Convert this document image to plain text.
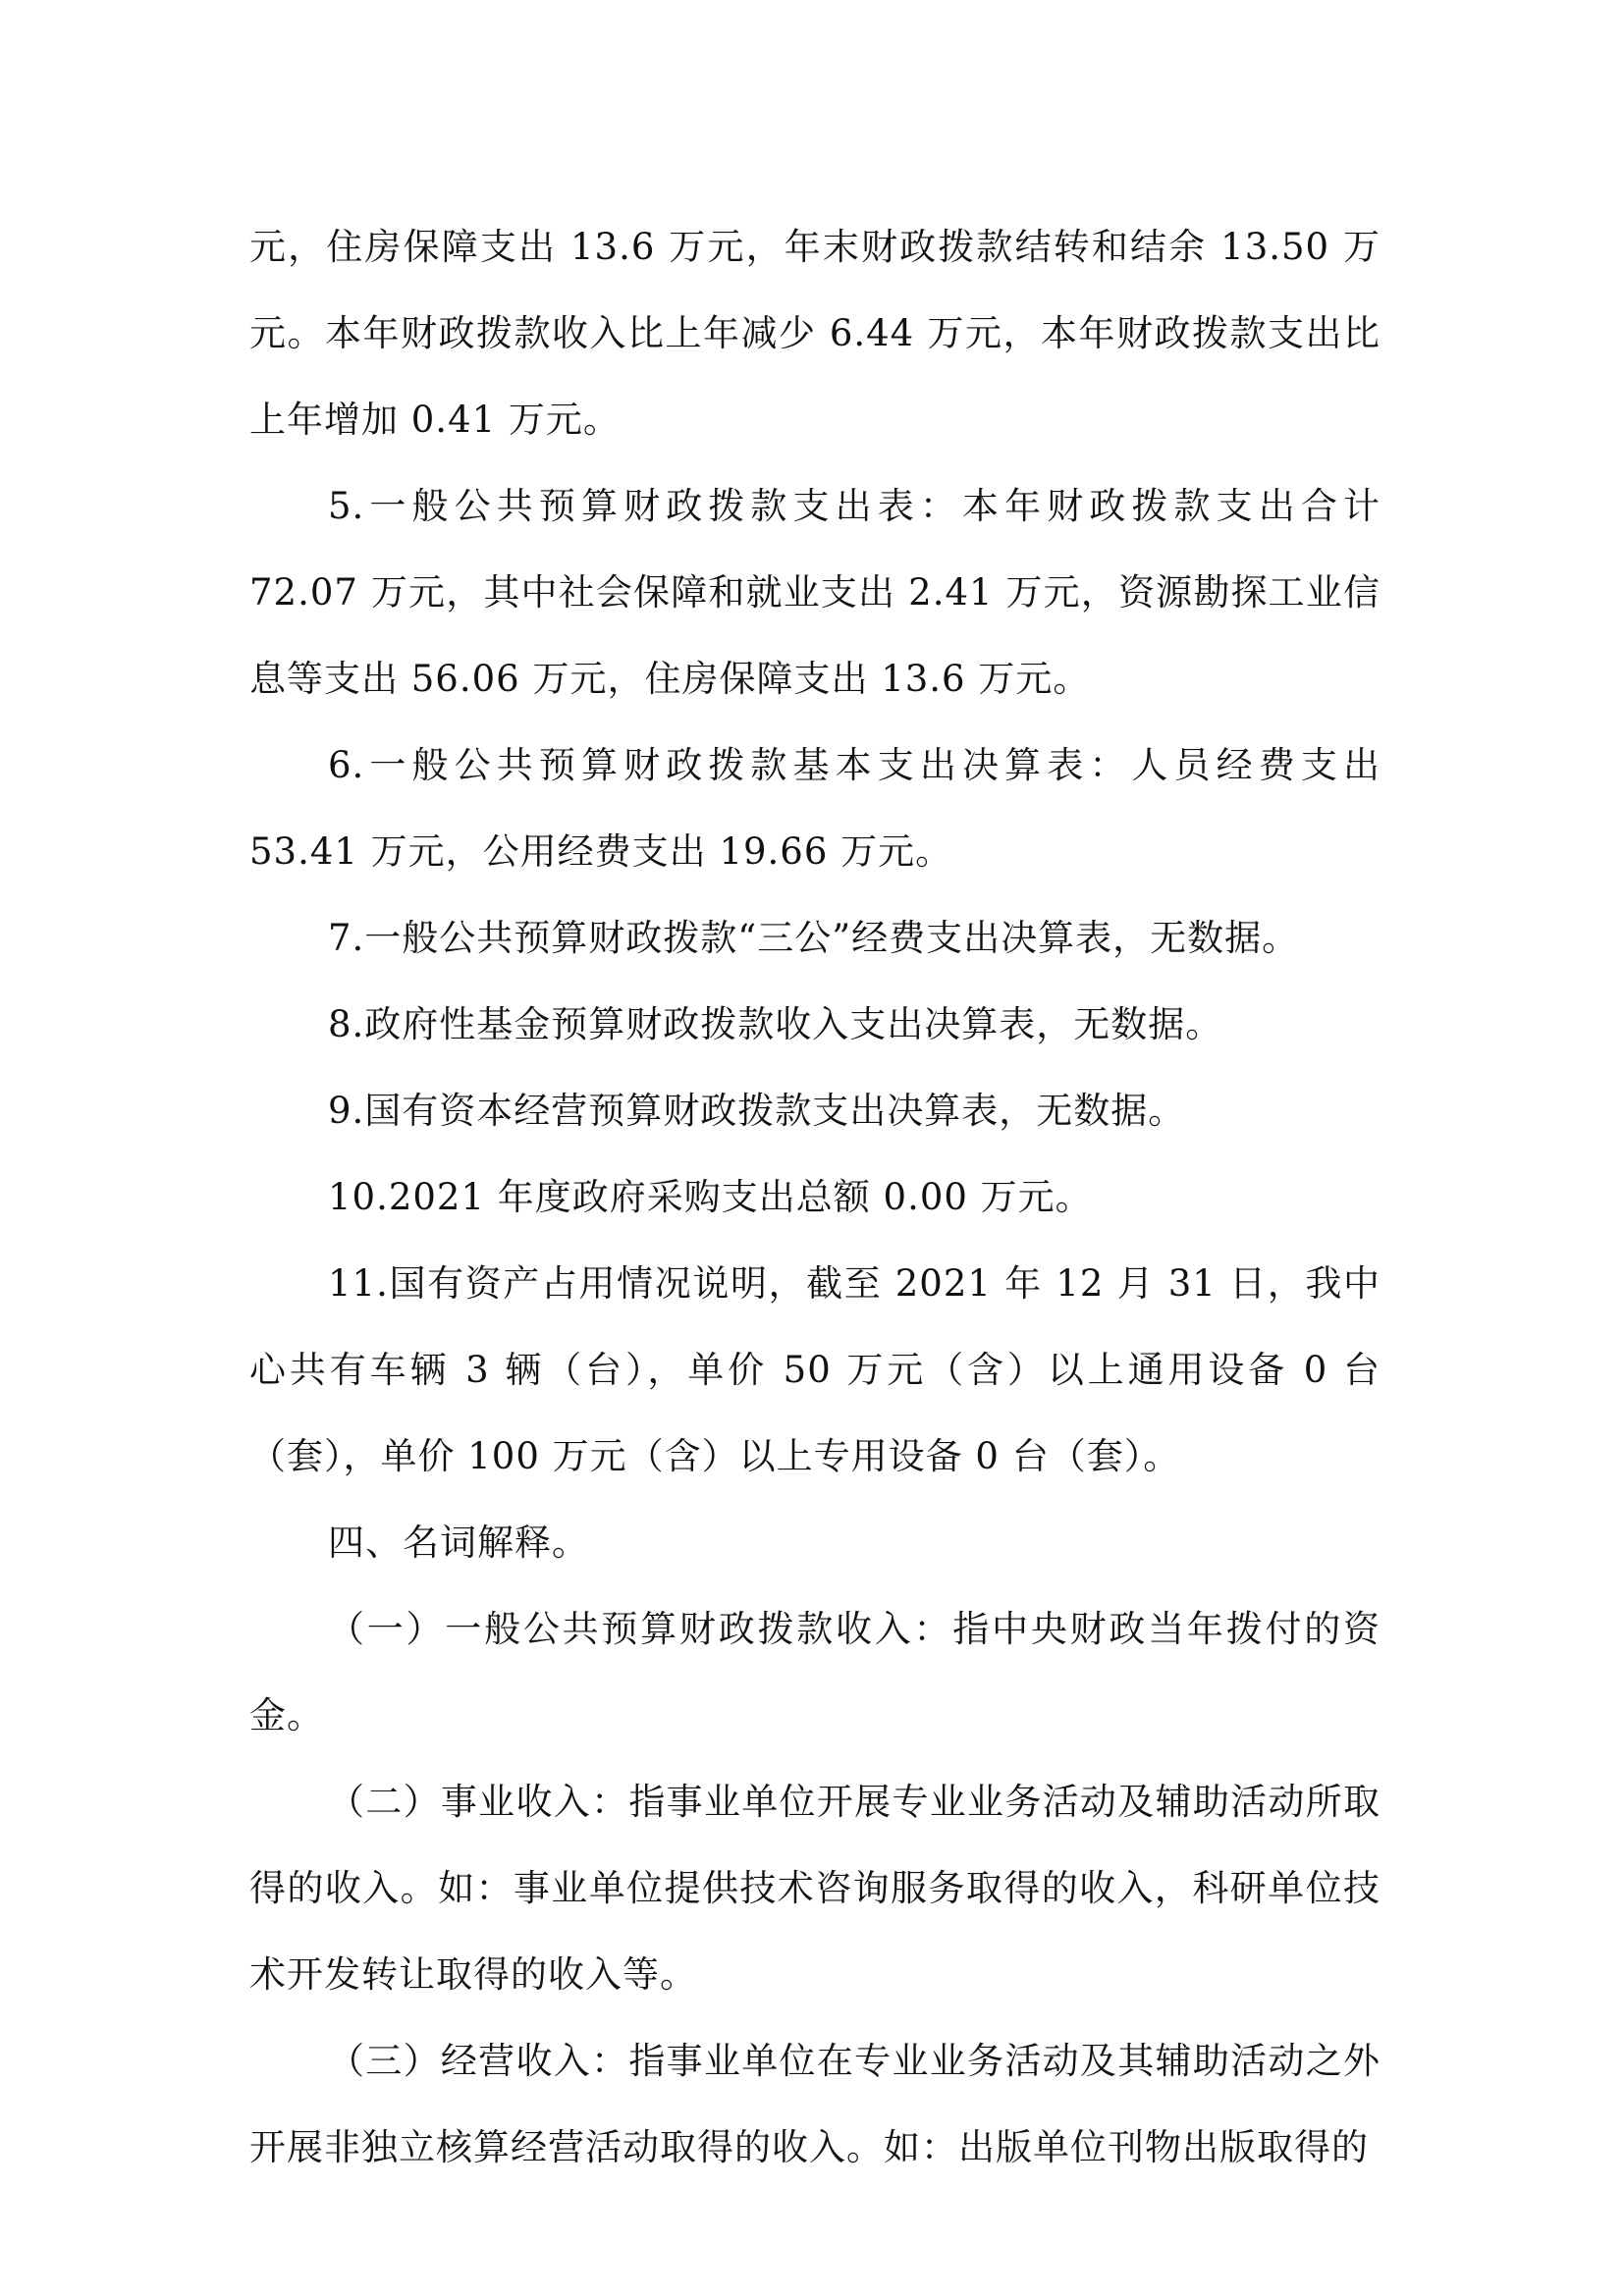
元，住房保障支出 13.6 万元，年末财政拨款结转和结余 13.50 万元。本年财政拨款收入比上年减少 6.44 万元，本年财政拨款支出比上年增加 0.41 万元。

5.一般公共预算财政拨款支出表：本年财政拨款支出合计 72.07 万元，其中社会保障和就业支出 2.41 万元，资源勘探工业信息等支出 56.06 万元，住房保障支出 13.6 万元。

6.一般公共预算财政拨款基本支出决算表：人员经费支出 53.41 万元，公用经费支出 19.66 万元。

7.一般公共预算财政拨款“三公”经费支出决算表，无数据。

8.政府性基金预算财政拨款收入支出决算表，无数据。

9.国有资本经营预算财政拨款支出决算表，无数据。

10.2021 年度政府采购支出总额 0.00 万元。

11.国有资产占用情况说明，截至 2021 年 12 月 31 日，我中心共有车辆 3 辆（台），单价 50 万元（含）以上通用设备 0 台（套），单价 100 万元（含）以上专用设备 0 台（套）。

四、名词解释。

（一）一般公共预算财政拨款收入：指中央财政当年拨付的资金。

（二）事业收入：指事业单位开展专业业务活动及辅助活动所取得的收入。如：事业单位提供技术咨询服务取得的收入，科研单位技术开发转让取得的收入等。

（三）经营收入：指事业单位在专业业务活动及其辅助活动之外开展非独立核算经营活动取得的收入。如：出版单位刊物出版取得的
